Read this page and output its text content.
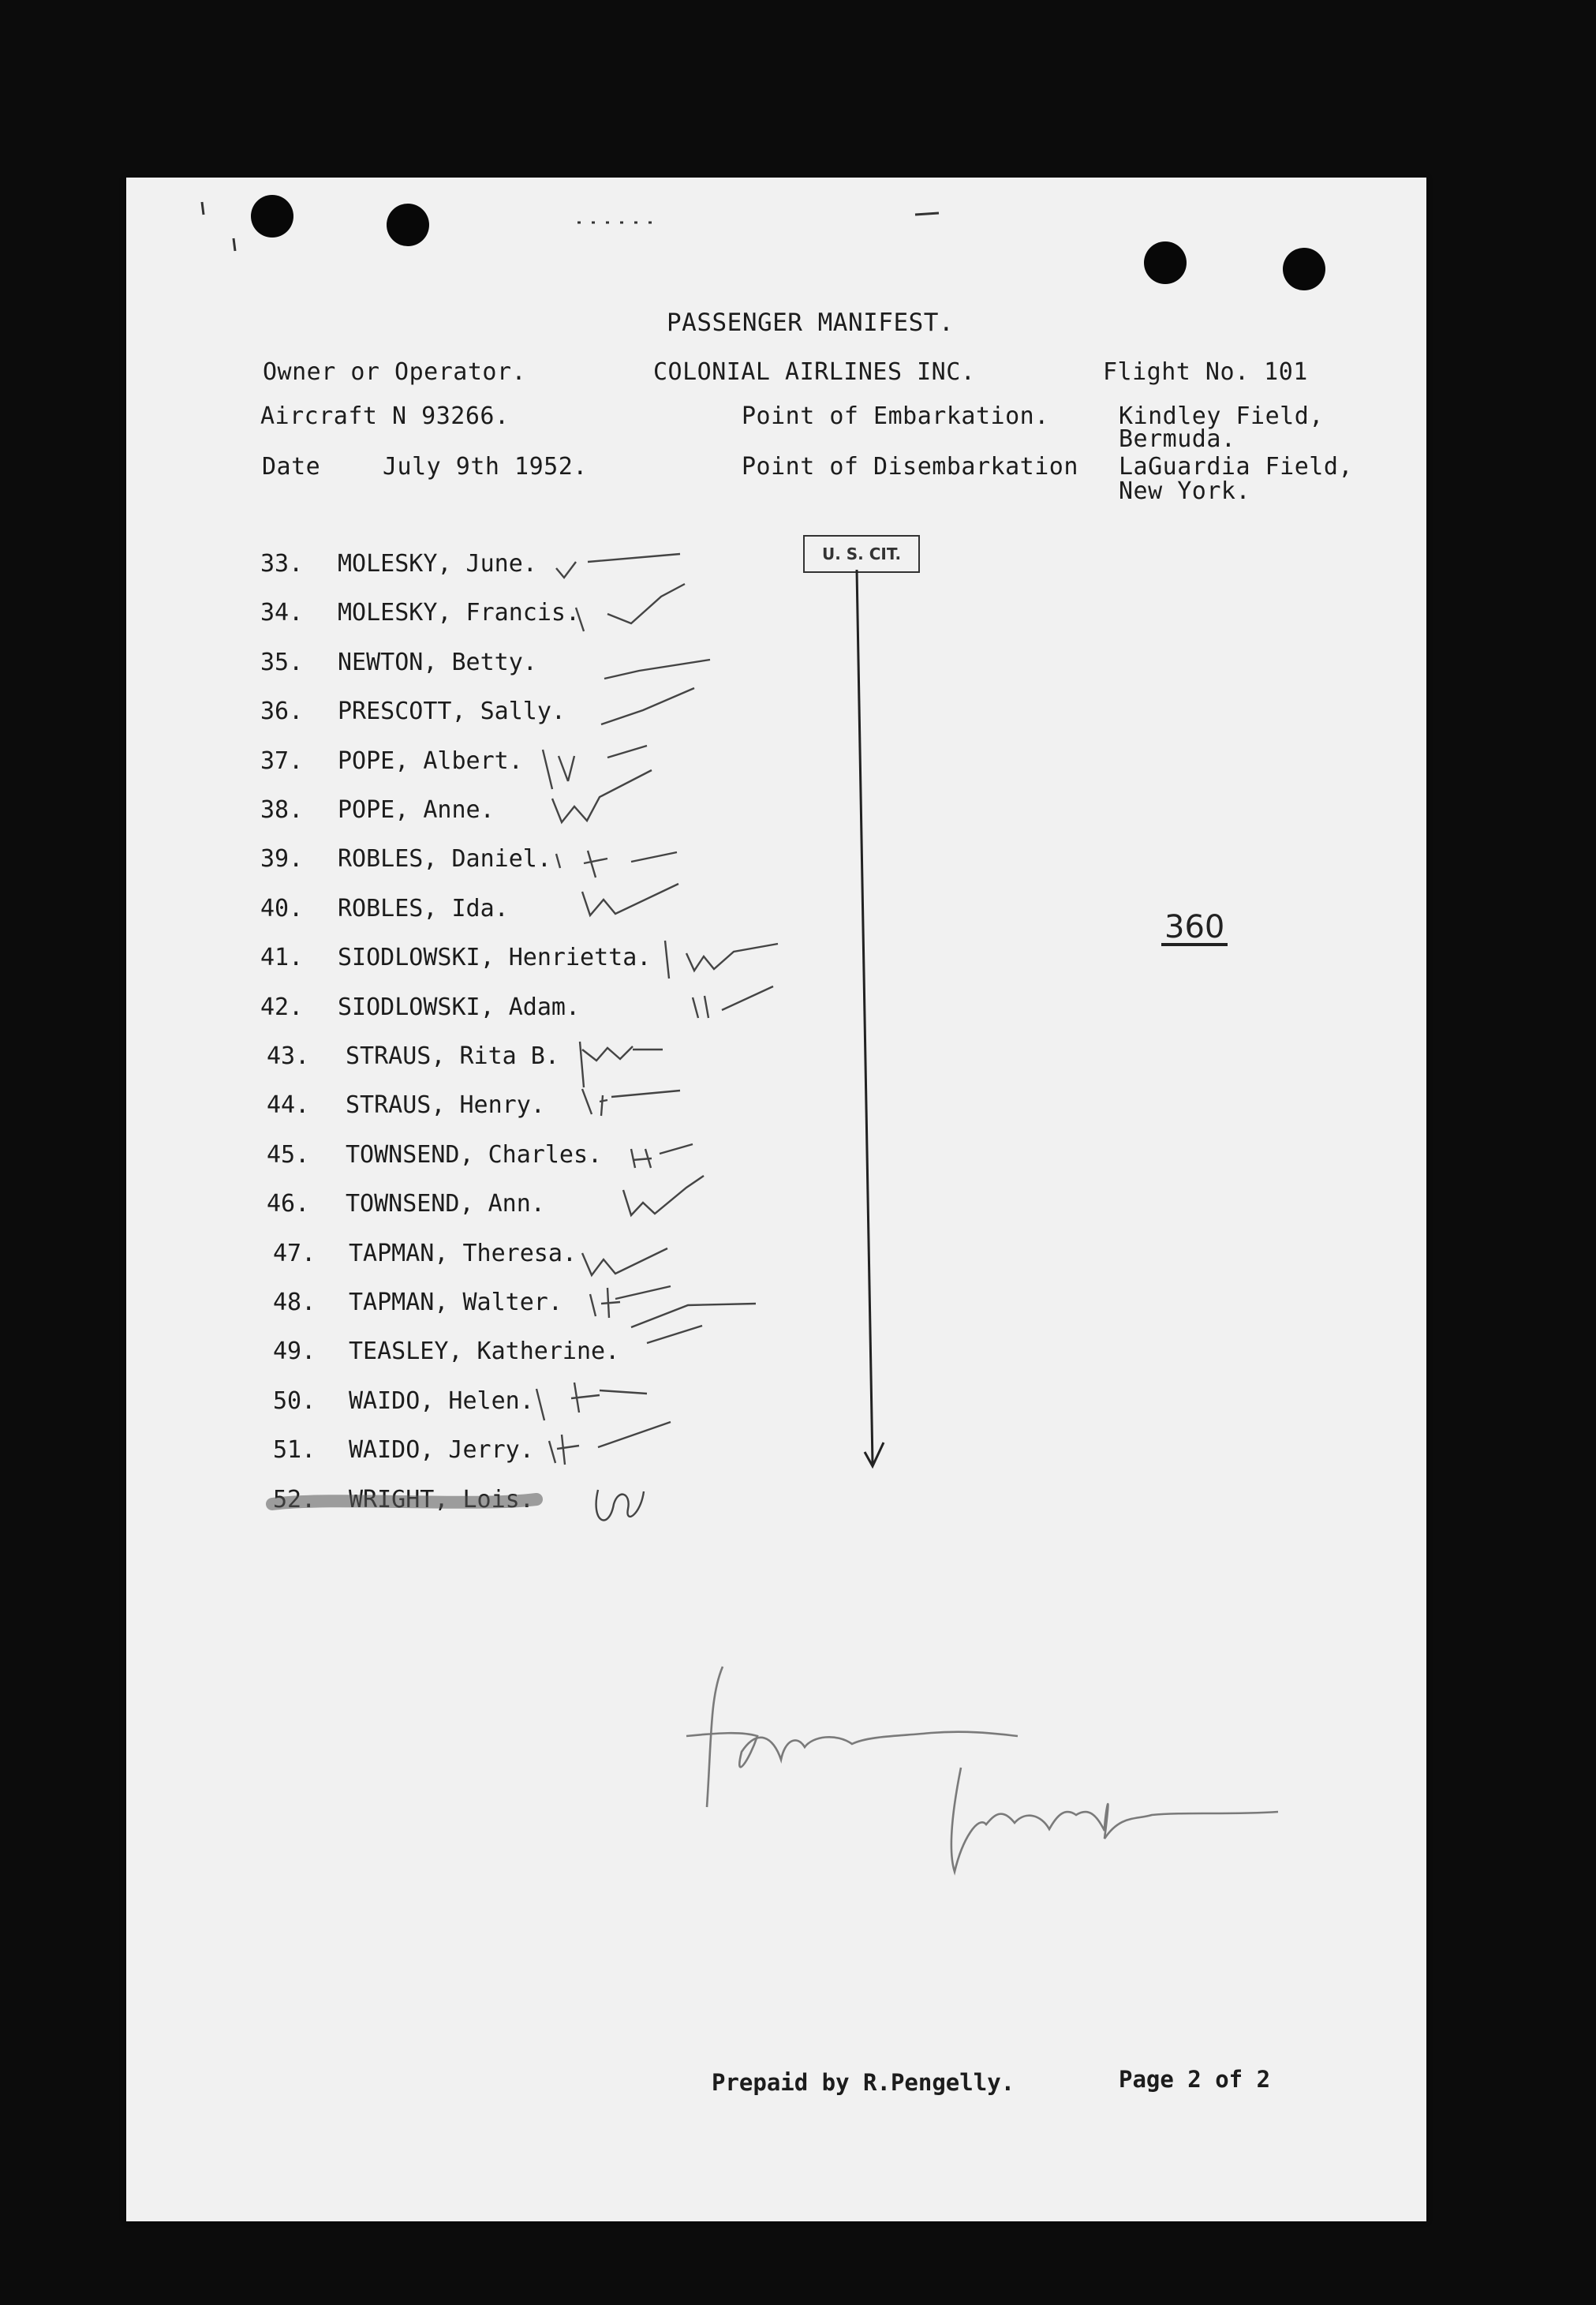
PASSENGER MANIFEST.
Owner or Operator.	COLONIAL AIRLINES INC.	Flight No. 101
Aircraft N 93266.	Point of Embarkation.	Kindley Field,
Bermuda.
Date	July 9th 1952.	Point of Disembarkation LaGuardia Field,
New York.
U. S. CIT.
33. MOLESKY, June.
34. MOLESKY, Francis.
35. NEWTON, Betty.
36. PRESCOTT, Sally.
37. POPE, Albert.
38. POPE, Anne.
39. ROBLES, Daniel.
40. ROBLES, Ida.
41. SIODLOWSKI, Henrietta.
42. SIODLOWSKI, Adam.
43. STRAUS, Rita B.
44. STRAUS, Henry.
45. TOWNSEND, Charles.
46. TOWNSEND, Ann.
47. TAPMAN, Theresa.
48. TAPMAN, Walter.
49. TEASLEY, Katherine.
50. WAIDO, Helen.
51. WAIDO, Jerry.
52. WRIGHT, Lois.
360
Prepaid by R.Pengelly.	Page 2 of 2
